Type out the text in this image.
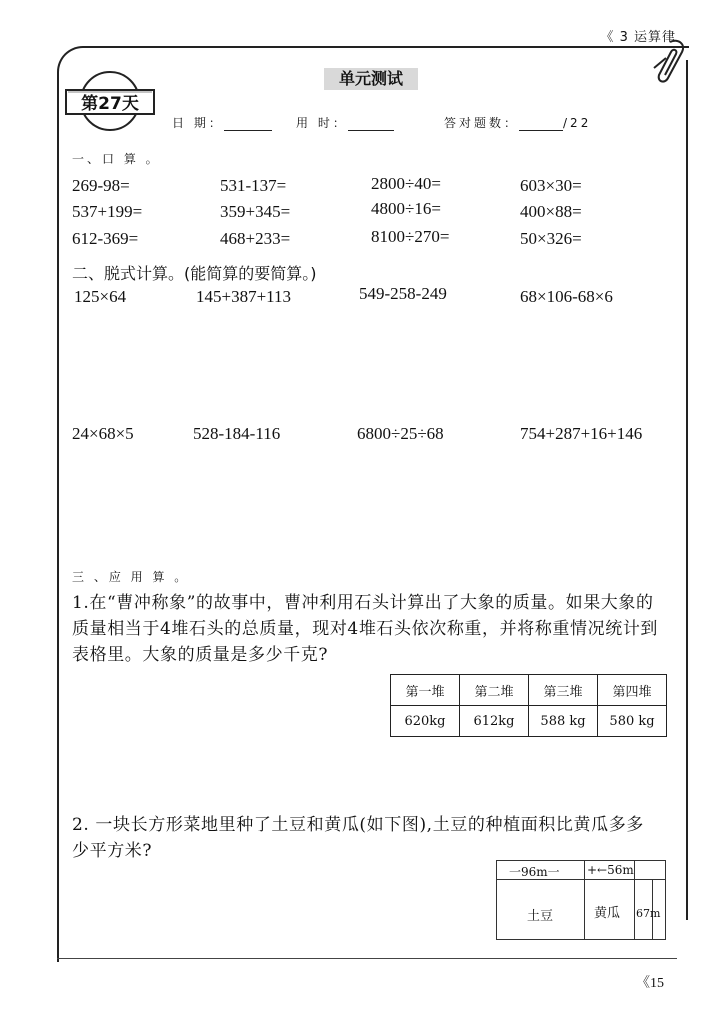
《 3 运算律
第27天
单元测试
日 期：	用 时：	答对题数：	/22
一、口 算 。
269-98=	531-137=	2800÷40=	603×30=
537+199=	359+345=	4800÷16=	400×88=
612-369=	468+233=	8100÷270=	50×326=
二、脱式计算。(能简算的要简算。)
125×64	145+387+113	549-258-249	68×106-68×6
24×68×5	528-184-116	6800÷25÷68	754+287+16+146
三 、应 用 算 。
1.在“曹冲称象”的故事中，曹冲利用石头计算出了大象的质量。如果大象的
质量相当于4堆石头的总质量，现对4堆石头依次称重，并将称重情况统计到
表格里。大象的质量是多少千克?
第一堆	第二堆	第三堆	第四堆
620kg	612kg	588 kg	580 kg
2. 一块长方形菜地里种了土豆和黄瓜(如下图),土豆的种植面积比黄瓜多多
少平方米?
一96m一 +←56m
土豆	黄瓜 67m
《15
